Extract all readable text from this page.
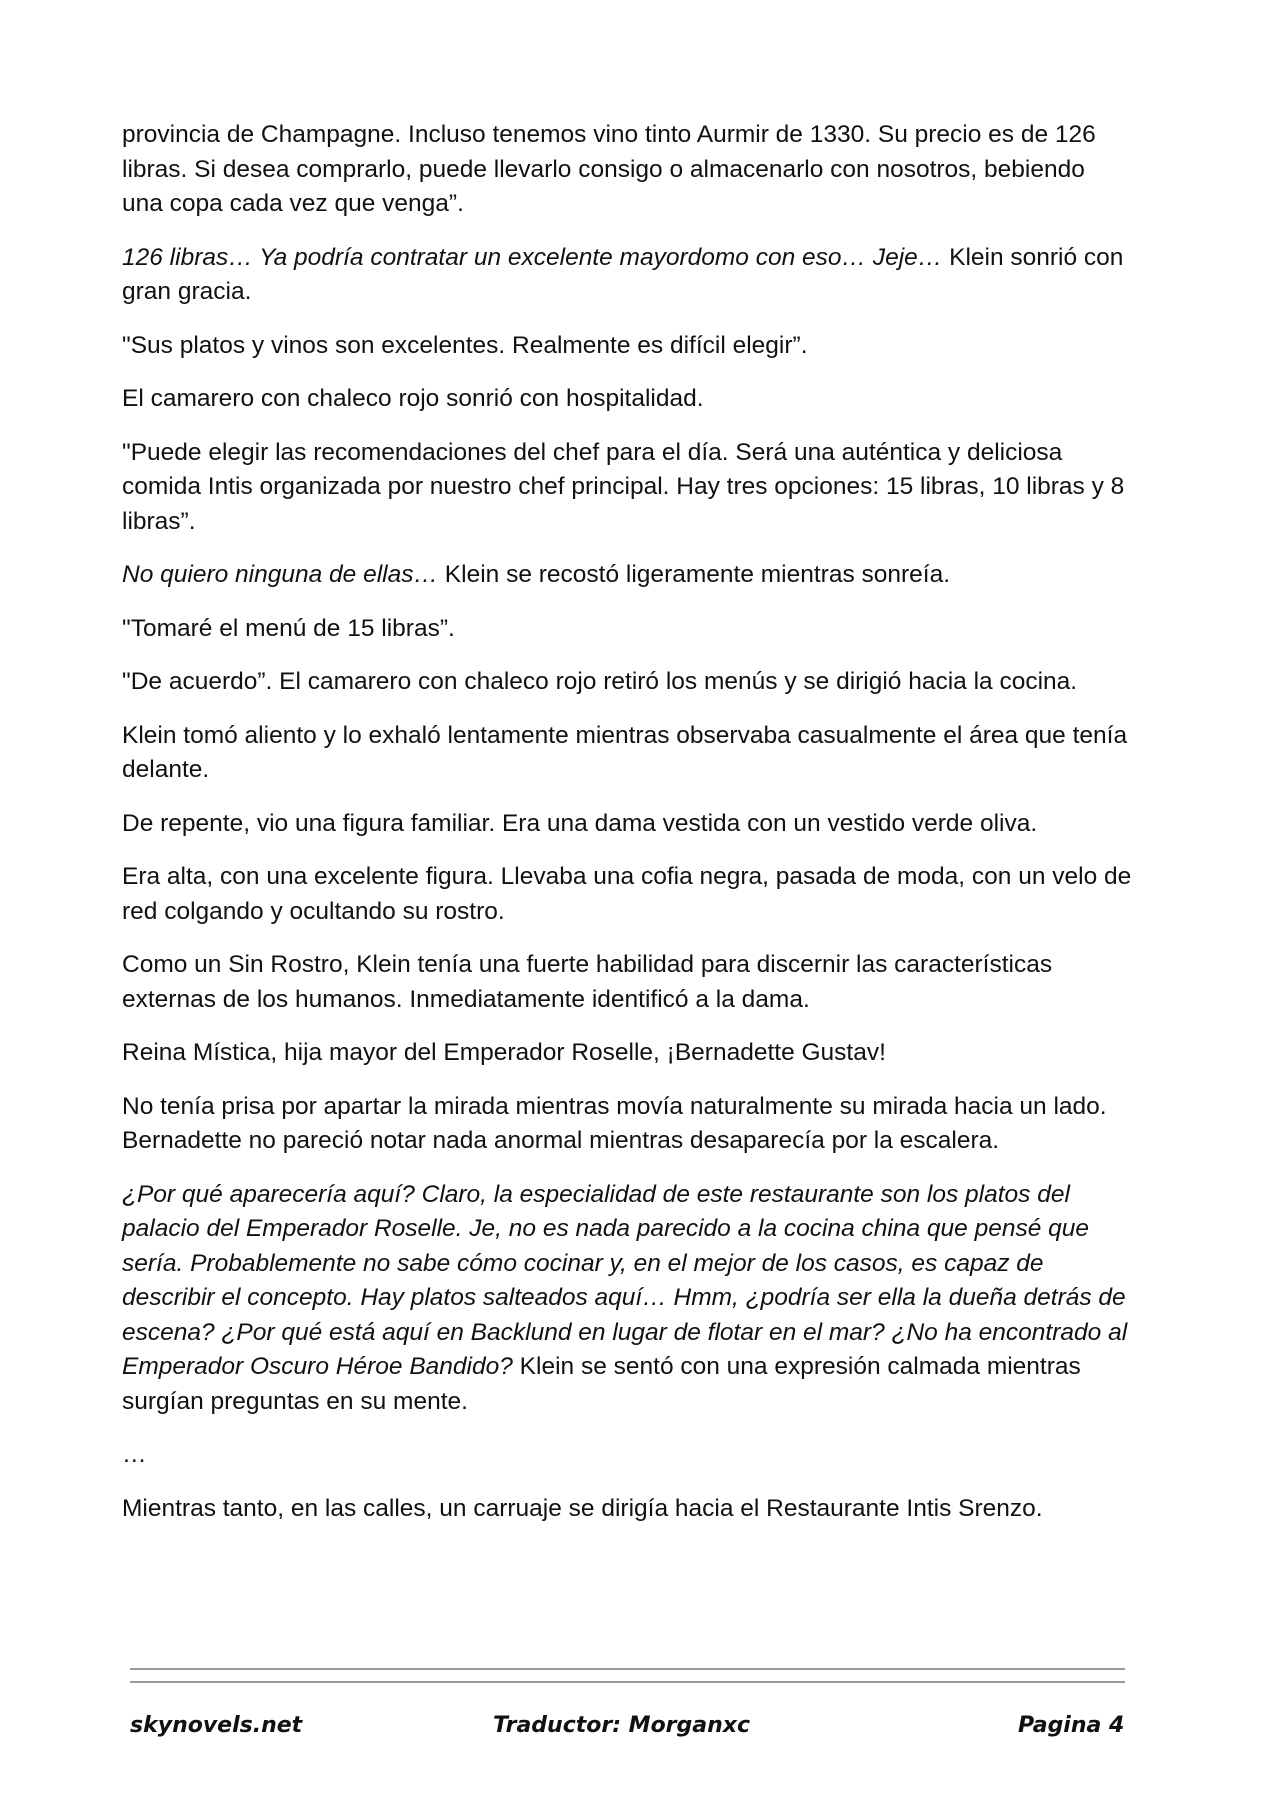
provincia de Champagne. Incluso tenemos vino tinto Aurmir de 1330. Su precio es de 126 libras. Si desea comprarlo, puede llevarlo consigo o almacenarlo con nosotros, bebiendo una copa cada vez que venga”.

126 libras… Ya podría contratar un excelente mayordomo con eso… Jeje… Klein sonrió con gran gracia.

"Sus platos y vinos son excelentes. Realmente es difícil elegir”.

El camarero con chaleco rojo sonrió con hospitalidad.

"Puede elegir las recomendaciones del chef para el día. Será una auténtica y deliciosa comida Intis organizada por nuestro chef principal. Hay tres opciones: 15 libras, 10 libras y 8 libras”.

No quiero ninguna de ellas… Klein se recostó ligeramente mientras sonreía.

"Tomaré el menú de 15 libras”.

"De acuerdo”. El camarero con chaleco rojo retiró los menús y se dirigió hacia la cocina.

Klein tomó aliento y lo exhaló lentamente mientras observaba casualmente el área que tenía delante.

De repente, vio una figura familiar. Era una dama vestida con un vestido verde oliva.

Era alta, con una excelente figura. Llevaba una cofia negra, pasada de moda, con un velo de red colgando y ocultando su rostro.

Como un Sin Rostro, Klein tenía una fuerte habilidad para discernir las características externas de los humanos. Inmediatamente identificó a la dama.

Reina Mística, hija mayor del Emperador Roselle, ¡Bernadette Gustav!

No tenía prisa por apartar la mirada mientras movía naturalmente su mirada hacia un lado. Bernadette no pareció notar nada anormal mientras desaparecía por la escalera.

¿Por qué aparecería aquí? Claro, la especialidad de este restaurante son los platos del palacio del Emperador Roselle. Je, no es nada parecido a la cocina china que pensé que sería. Probablemente no sabe cómo cocinar y, en el mejor de los casos, es capaz de describir el concepto. Hay platos salteados aquí… Hmm, ¿podría ser ella la dueña detrás de escena? ¿Por qué está aquí en Backlund en lugar de flotar en el mar? ¿No ha encontrado al Emperador Oscuro Héroe Bandido? Klein se sentó con una expresión calmada mientras surgían preguntas en su mente.

…

Mientras tanto, en las calles, un carruaje se dirigía hacia el Restaurante Intis Srenzo.

skynovels.net	Traductor: Morganxc	Pagina 4
